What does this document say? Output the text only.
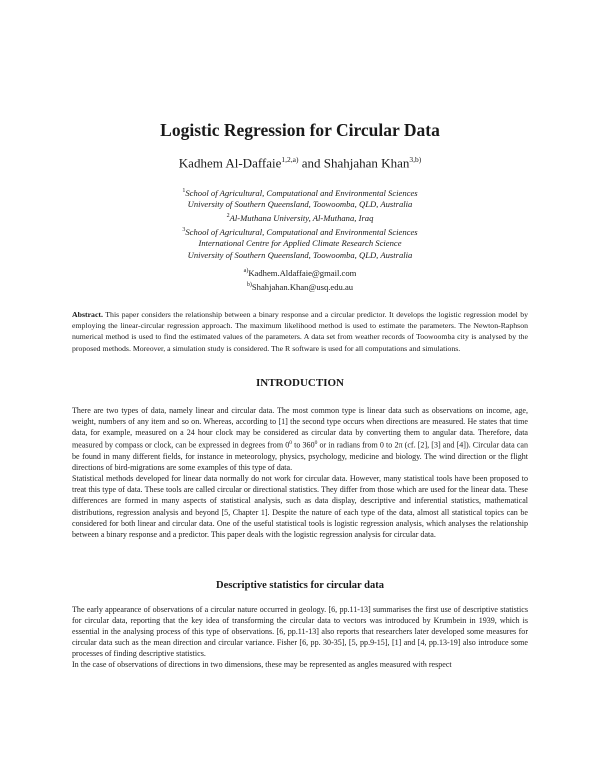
Logistic Regression for Circular Data
Kadhem Al-Daffaie$^{1,2,a)}$ and Shahjahan Khan$^{3,b)}$
$^1$School of Agricultural, Computational and Environmental Sciences
University of Southern Queensland, Toowoomba, QLD, Australia
$^2$Al-Muthana University, Al-Muthana, Iraq
$^3$School of Agricultural, Computational and Environmental Sciences
International Centre for Applied Climate Research Science
University of Southern Queensland, Toowoomba, QLD, Australia
$^{a)}$Kadhem.Aldaffaie@gmail.com
$^{b)}$Shahjahan.Khan@usq.edu.au
Abstract. This paper considers the relationship between a binary response and a circular predictor. It develops the logistic regression model by employing the linear-circular regression approach. The maximum likelihood method is used to estimate the parameters. The Newton-Raphson numerical method is used to find the estimated values of the parameters. A data set from weather records of Toowoomba city is analysed by the proposed methods. Moreover, a simulation study is considered. The R software is used for all computations and simulations.
INTRODUCTION

There are two types of data, namely linear and circular data. The most common type is linear data such as observations on income, age, weight, numbers of any item and so on. Whereas, according to [1] the second type occurs when directions are measured. He states that time data, for example, measured on a 24 hour clock may be considered as circular data by converting them to angular data. Therefore, data measured by compass or clock, can be expressed in degrees from $0^0$ to $360^0$ or in radians from 0 to 2π (cf. [2], [3] and [4]). Circular data can be found in many different fields, for instance in meteorology, physics, psychology, medicine and biology. The wind direction or the flight directions of bird-migrations are some examples of this type of data.

Statistical methods developed for linear data normally do not work for circular data. However, many statistical tools have been proposed to treat this type of data. These tools are called circular or directional statistics. They differ from those which are used for the linear data. These differences are formed in many aspects of statistical analysis, such as data display, descriptive and inferential statistics, mathematical distributions, regression analysis and beyond [5, Chapter 1]. Despite the nature of each type of the data, almost all statistical topics can be considered for both linear and circular data. One of the useful statistical tools is logistic regression analysis, which analyses the relationship between a binary response and a predictor. This paper deals with the logistic regression analysis for circular data.

Descriptive statistics for circular data

The early appearance of observations of a circular nature occurred in geology. [6, pp.11-13] summarises the first use of descriptive statistics for circular data, reporting that the key idea of transforming the circular data to vectors was introduced by Krumbein in 1939, which is essential in the analysing process of this type of observations. [6, pp.11-13] also reports that researchers later developed some measures for circular data such as the mean direction and circular variance. Fisher [6, pp. 30-35], [5, pp.9-15], [1] and [4, pp.13-19] also introduce some processes of finding descriptive statistics.

In the case of observations of directions in two dimensions, these may be represented as angles measured with respect
